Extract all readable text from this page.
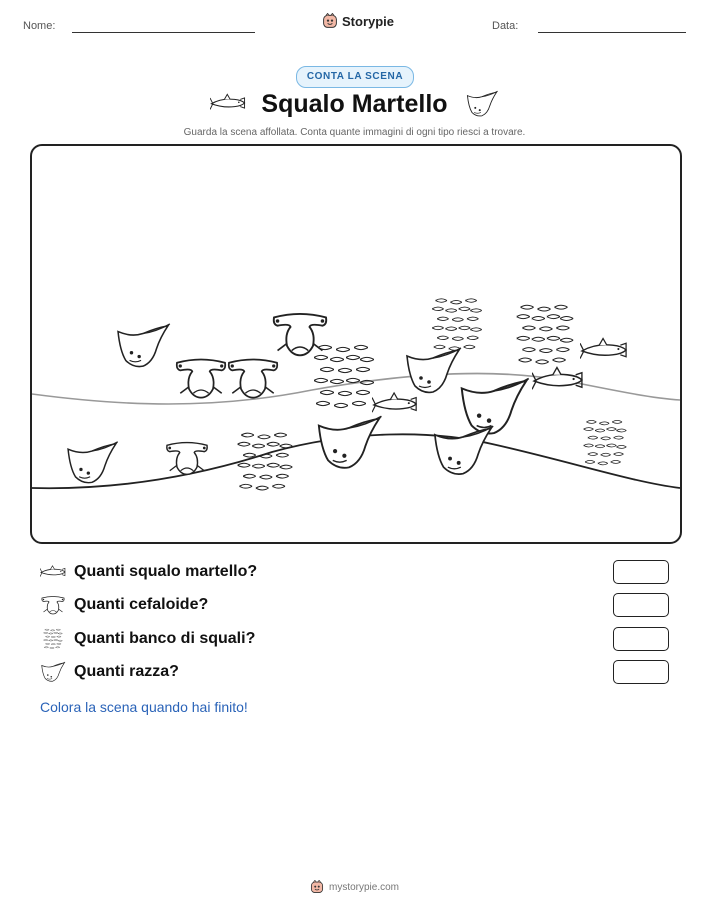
Nome:	Storypie	Data:
CONTA LA SCENA
Squalo Martello
Guarda la scena affollata. Conta quante immagini di ogni tipo riesci a trovare.
Quanti squalo martello?
Quanti cefaloide?
Quanti banco di squali?
Quanti razza?
Colora la scena quando hai finito!
mystorypie.com
